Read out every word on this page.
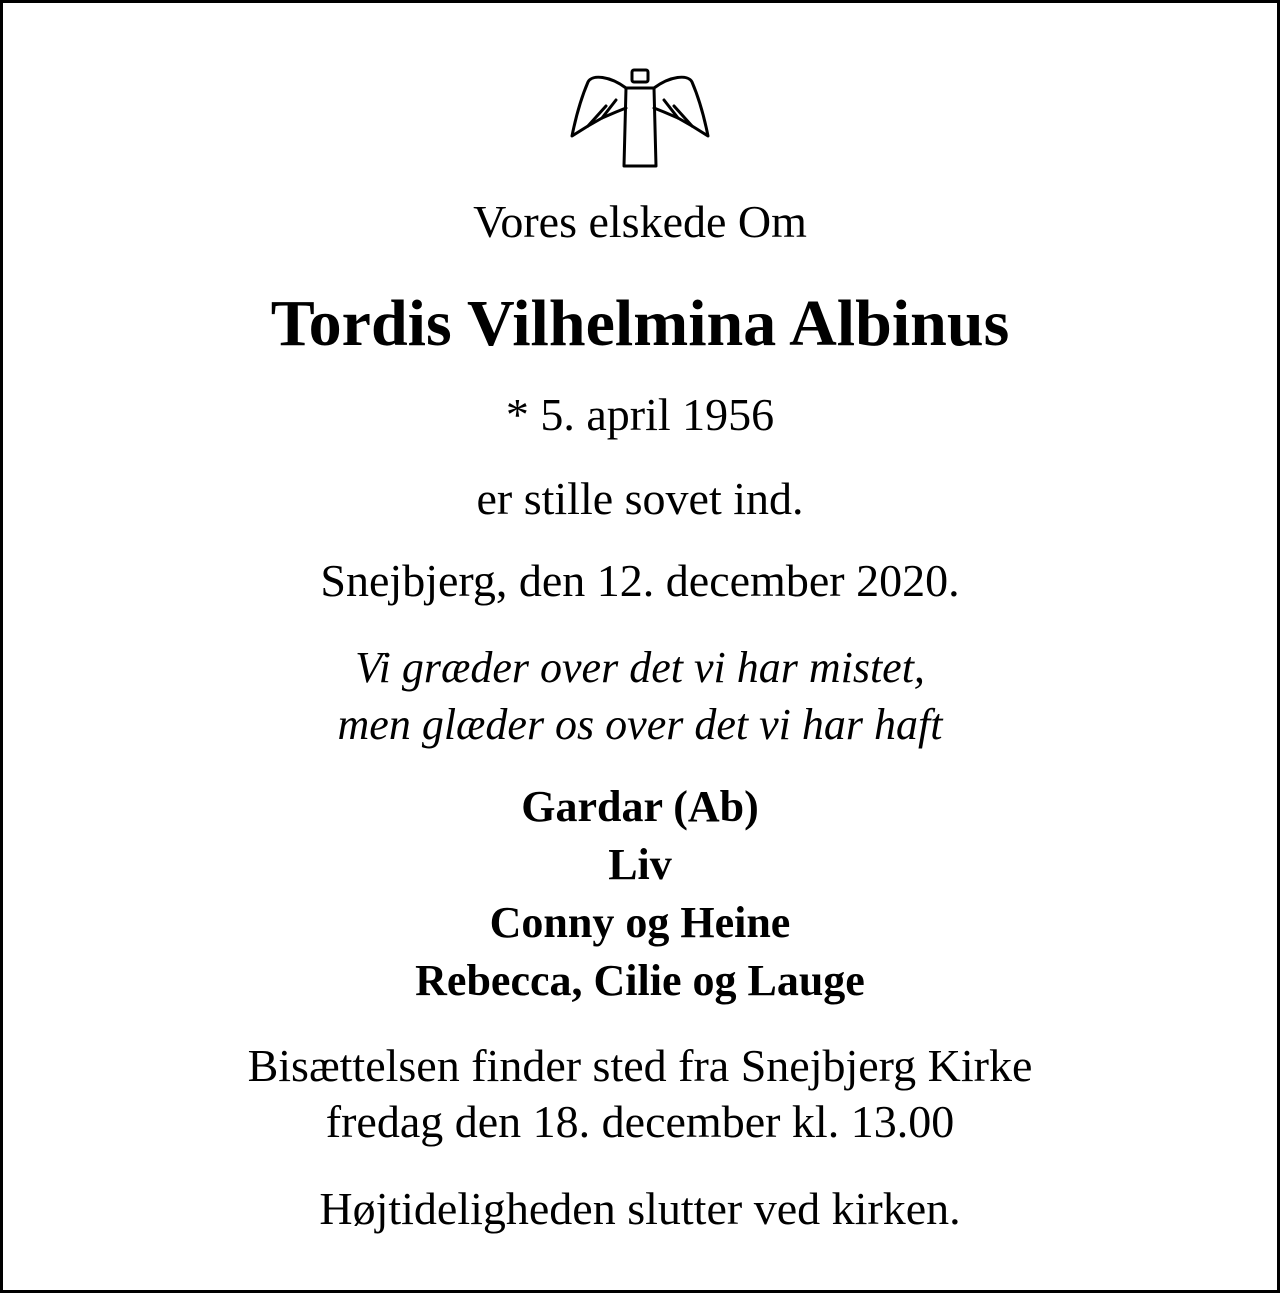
Vores elskede Om

Tordis Vilhelmina Albinus

* 5. april 1956

er stille sovet ind.

Snejbjerg, den 12. december 2020.

Vi græder over det vi har mistet,

men glæder os over det vi har haft

Gardar (Ab)

Liv

Conny og Heine

Rebecca, Cilie og Lauge

Bisættelsen finder sted fra Snejbjerg Kirke

fredag den 18. december kl. 13.00

Højtideligheden slutter ved kirken.
